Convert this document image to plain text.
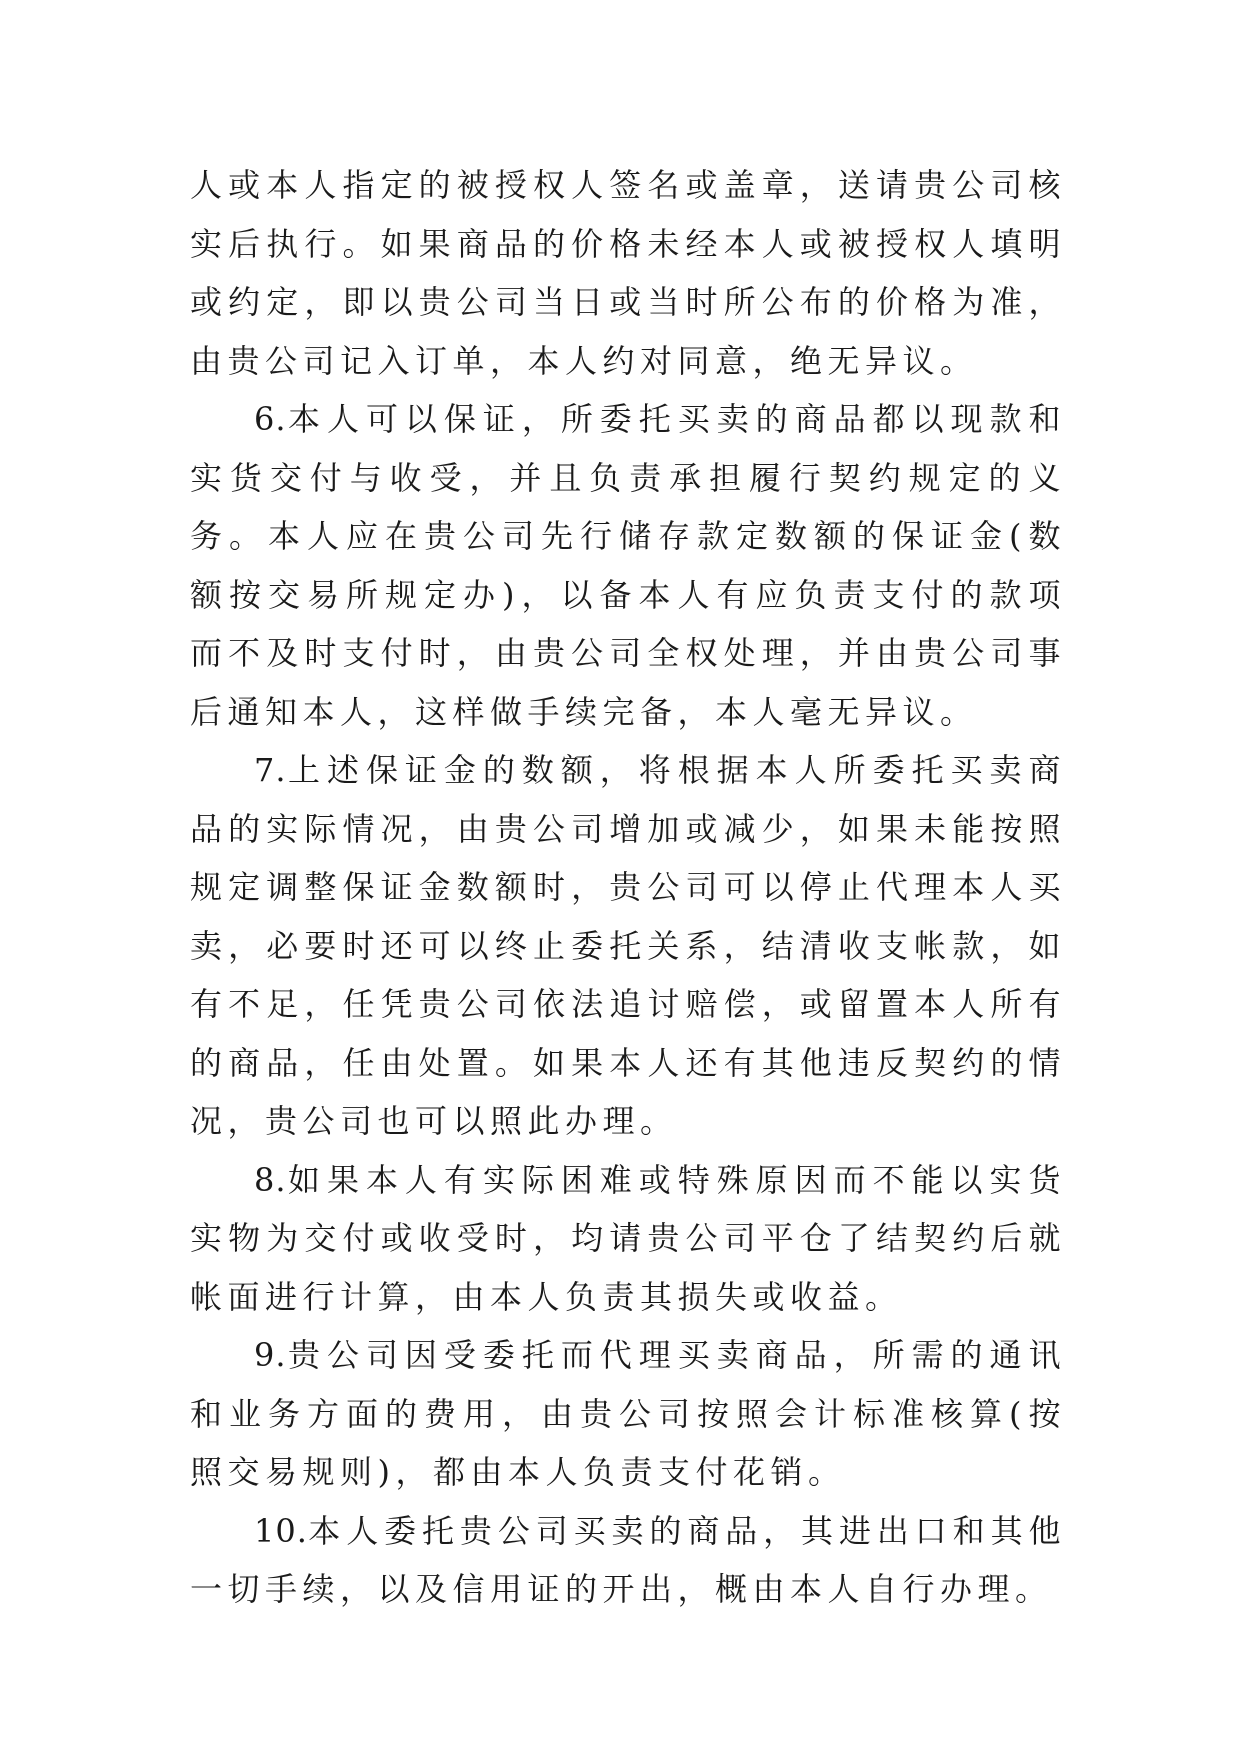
人或本人指定的被授权人签名或盖章，送请贵公司核实后执行。如果商品的价格未经本人或被授权人填明或约定，即以贵公司当日或当时所公布的价格为准，由贵公司记入订单，本人约对同意，绝无异议。

6.本人可以保证，所委托买卖的商品都以现款和实货交付与收受，并且负责承担履行契约规定的义务。本人应在贵公司先行储存款定数额的保证金(数额按交易所规定办)，以备本人有应负责支付的款项而不及时支付时，由贵公司全权处理，并由贵公司事后通知本人，这样做手续完备，本人毫无异议。

7.上述保证金的数额，将根据本人所委托买卖商品的实际情况，由贵公司增加或减少，如果未能按照规定调整保证金数额时，贵公司可以停止代理本人买卖，必要时还可以终止委托关系，结清收支帐款，如有不足，任凭贵公司依法追讨赔偿，或留置本人所有的商品，任由处置。如果本人还有其他违反契约的情况，贵公司也可以照此办理。

8.如果本人有实际困难或特殊原因而不能以实货实物为交付或收受时，均请贵公司平仓了结契约后就帐面进行计算，由本人负责其损失或收益。

9.贵公司因受委托而代理买卖商品，所需的通讯和业务方面的费用，由贵公司按照会计标准核算(按照交易规则)，都由本人负责支付花销。

10.本人委托贵公司买卖的商品，其进出口和其他一切手续，以及信用证的开出，概由本人自行办理。
